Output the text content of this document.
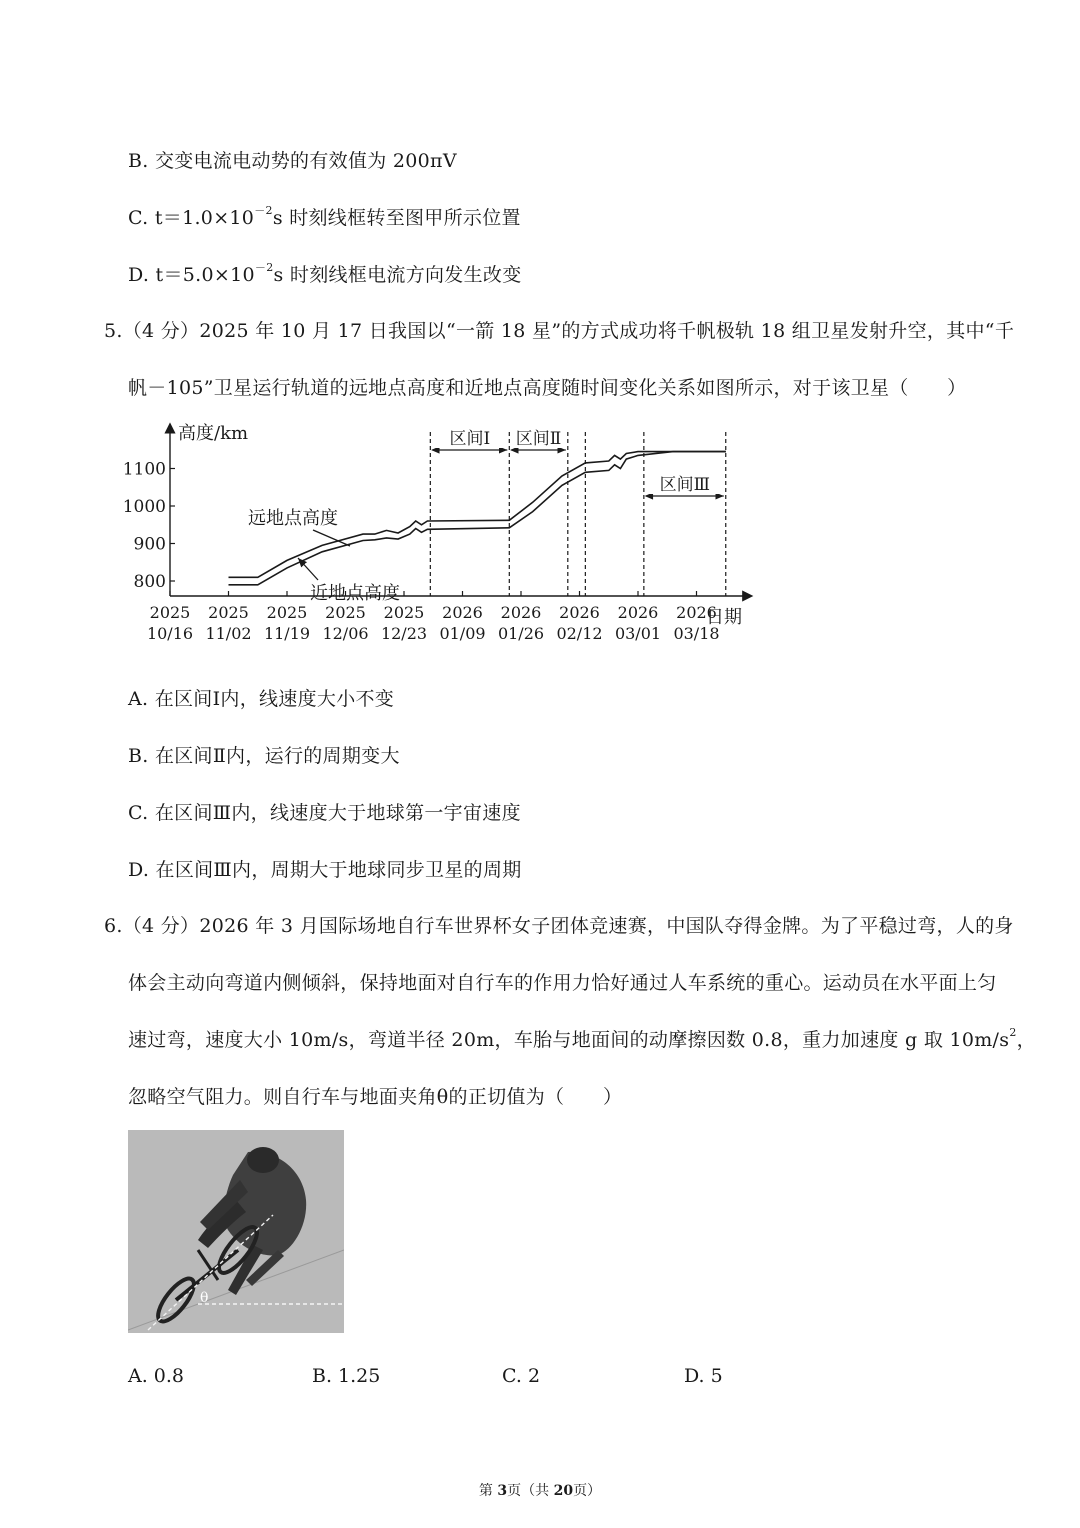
B. 交变电流电动势的有效值为 200πV
C. $t=1.0\times 10^{-2}s$ 时刻线框转至图甲所示位置
D. $t=5.0\times 10^{-2}s$ 时刻线框电流方向发生改变
5.（4 分）2025 年 10 月 17 日我国以“一箭 18 星”的方式成功将千帆极轨 18 组卫星发射升空，其中“千
帆－105”卫星运行轨道的远地点高度和近地点高度随时间变化关系如图所示，对于该卫星（　　）
800
900
1000
1100
2025
10/16
2025
11/02
2025
11/19
2025
12/06
2025
12/23
2026
01/09
2026
01/26
2026
02/12
2026
03/01
2026
03/18
区间Ⅰ 区间Ⅱ
区间Ⅲ
高度/km
日期
远地点高度
近地点高度
A. 在区间Ⅰ内，线速度大小不变
B. 在区间Ⅱ内，运行的周期变大
C. 在区间Ⅲ内，线速度大于地球第一宇宙速度
D. 在区间Ⅲ内，周期大于地球同步卫星的周期
6.（4 分）2026 年 3 月国际场地自行车世界杯女子团体竞速赛，中国队夺得金牌。为了平稳过弯，人的身
体会主动向弯道内侧倾斜，保持地面对自行车的作用力恰好通过人车系统的重心。运动员在水平面上匀
速过弯，速度大小 10m/s，弯道半径 20m，车胎与地面间的动摩擦因数 0.8，重力加速度 g 取 $10m/s^2$，
忽略空气阻力。则自行车与地面夹角θ的正切值为（　　）
θ
A. 0.8	B. 1.25	C. 2	D. 5
第 3页（共 20页）
